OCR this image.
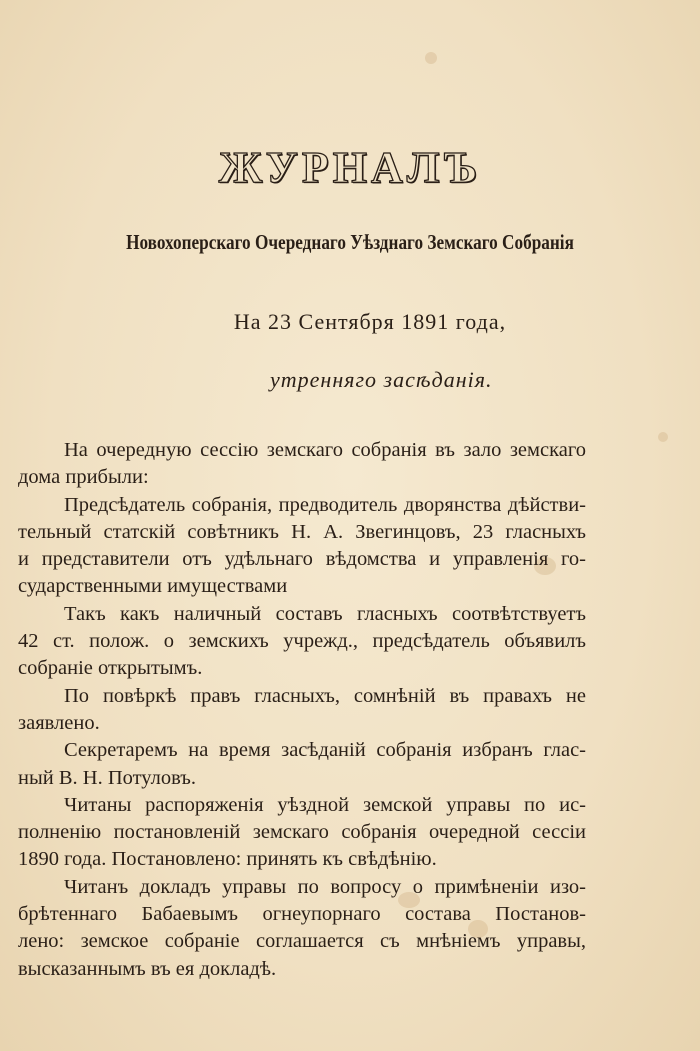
ЖУРНАЛЪ
Новохоперскаго Очереднаго Уѣзднаго Земскаго Собранія
На 23 Сентября 1891 года,
утренняго засѣданія.
На очередную сессію земскаго собранія въ зало земскаго
дома прибыли:
Предсѣдатель собранія, предводитель дворянства дѣйстви-
тельный статскій совѣтникъ Н. А. Звегинцовъ, 23 гласныхъ
и представители отъ удѣльнаго вѣдомства и управленія го-
сударственными имуществами
Такъ какъ наличный составъ гласныхъ соотвѣтствуетъ
42 ст. полож. о земскихъ учрежд., предсѣдатель объявилъ
собраніе открытымъ.
По повѣркѣ правъ гласныхъ, сомнѣній въ правахъ не
заявлено.
Секретаремъ на время засѣданій собранія избранъ глас-
ный В. Н. Потуловъ.
Читаны распоряженія уѣздной земской управы по ис-
полненію постановленій земскаго собранія очередной сессіи
1890 года. Постановлено: принять къ свѣдѣнію.
Читанъ докладъ управы по вопросу о примѣненіи изо-
брѣтеннаго Бабаевымъ огнеупорнаго состава Постанов-
лено: земское собраніе соглашается съ мнѣніемъ управы,
высказаннымъ въ ея докладѣ.
